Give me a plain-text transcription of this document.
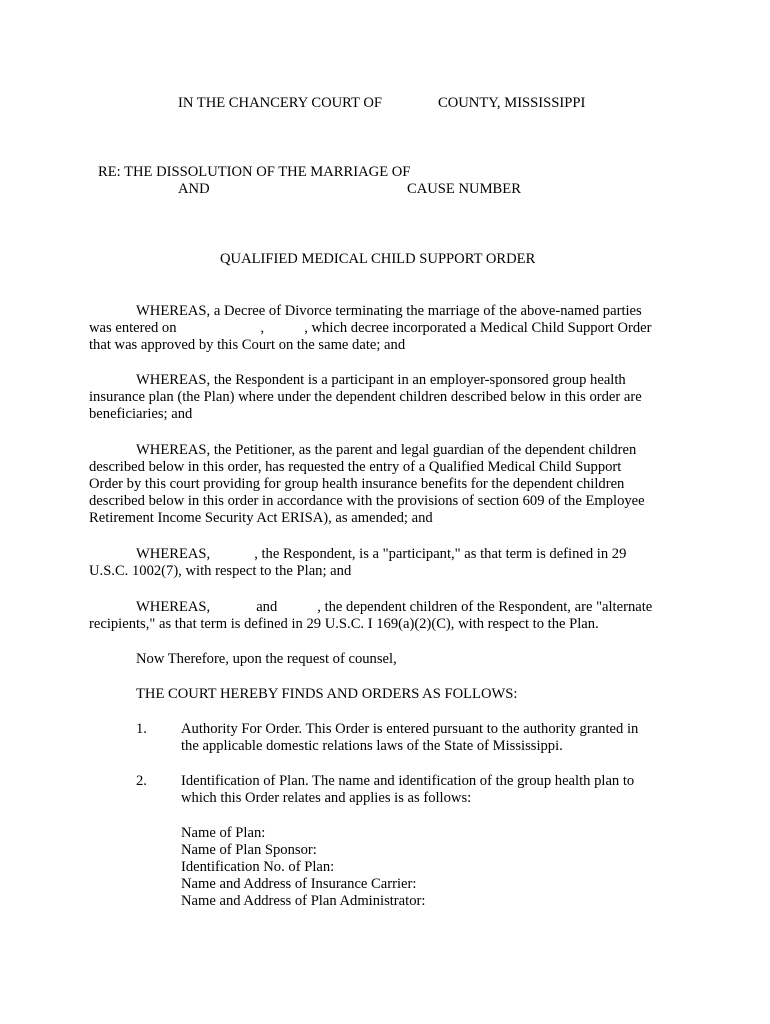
IN THE CHANCERY COURT OF	COUNTY, MISSISSIPPI
RE: THE DISSOLUTION OF THE MARRIAGE OF
AND	CAUSE NUMBER
QUALIFIED MEDICAL CHILD SUPPORT ORDER
WHEREAS, a Decree of Divorce terminating the marriage of the above-named parties
was entered on	,	, which decree incorporated a Medical Child Support Order
that was approved by this Court on the same date; and
WHEREAS, the Respondent is a participant in an employer-sponsored group health
insurance plan (the Plan) where under the dependent children described below in this order are
beneficiaries; and
WHEREAS, the Petitioner, as the parent and legal guardian of the dependent children
described below in this order, has requested the entry of a Qualified Medical Child Support
Order by this court providing for group health insurance benefits for the dependent children
described below in this order in accordance with the provisions of section 609 of the Employee
Retirement Income Security Act ERISA), as amended; and
WHEREAS,	, the Respondent, is a "participant," as that term is defined in 29
U.S.C. 1002(7), with respect to the Plan; and
WHEREAS,	and	, the dependent children of the Respondent, are "alternate
recipients," as that term is defined in 29 U.S.C. I 169(a)(2)(C), with respect to the Plan.
Now Therefore, upon the request of counsel,
THE COURT HEREBY FINDS AND ORDERS AS FOLLOWS:
1. Authority For Order. This Order is entered pursuant to the authority granted in
the applicable domestic relations laws of the State of Mississippi.
2. Identification of Plan. The name and identification of the group health plan to
which this Order relates and applies is as follows:
Name of Plan:
Name of Plan Sponsor:
Identification No. of Plan:
Name and Address of Insurance Carrier:
Name and Address of Plan Administrator:
